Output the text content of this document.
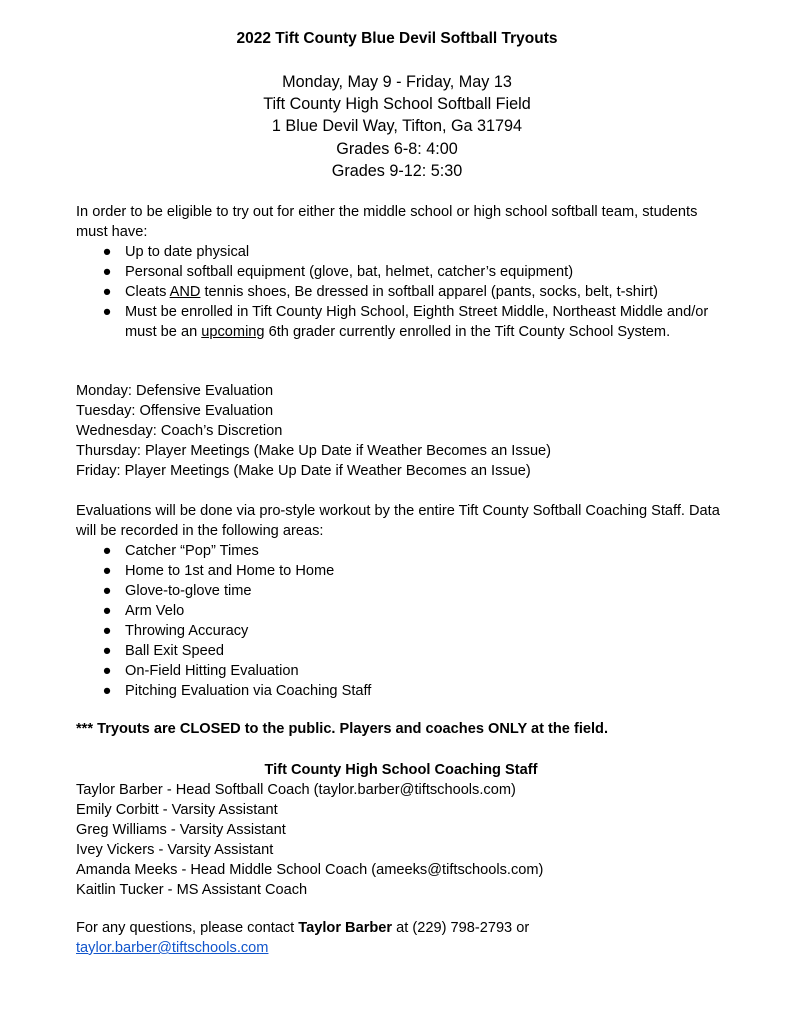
2022 Tift County Blue Devil Softball Tryouts
Monday, May 9 - Friday, May 13
Tift County High School Softball Field
1 Blue Devil Way, Tifton, Ga 31794
Grades 6-8: 4:00
Grades 9-12: 5:30

In order to be eligible to try out for either the middle school or high school softball team, students must have:

● Up to date physical
● Personal softball equipment (glove, bat, helmet, catcher’s equipment)
● Cleats AND tennis shoes, Be dressed in softball apparel (pants, socks, belt, t-shirt)
● Must be enrolled in Tift County High School, Eighth Street Middle, Northeast Middle and/or must be an upcoming 6th grader currently enrolled in the Tift County School System.
Monday: Defensive Evaluation
Tuesday: Offensive Evaluation
Wednesday: Coach’s Discretion
Thursday: Player Meetings (Make Up Date if Weather Becomes an Issue)
Friday: Player Meetings (Make Up Date if Weather Becomes an Issue)

Evaluations will be done via pro-style workout by the entire Tift County Softball Coaching Staff. Data will be recorded in the following areas:

● Catcher “Pop” Times
● Home to 1st and Home to Home
● Glove-to-glove time
● Arm Velo
● Throwing Accuracy
● Ball Exit Speed
● On-Field Hitting Evaluation
● Pitching Evaluation via Coaching Staff
*** Tryouts are CLOSED to the public. Players and coaches ONLY at the field.
Tift County High School Coaching Staff
Taylor Barber - Head Softball Coach (taylor.barber@tiftschools.com)
Emily Corbitt - Varsity Assistant
Greg Williams - Varsity Assistant
Ivey Vickers - Varsity Assistant
Amanda Meeks - Head Middle School Coach (ameeks@tiftschools.com)
Kaitlin Tucker - MS Assistant Coach
For any questions, please contact Taylor Barber at (229) 798-2793 or
taylor.barber@tiftschools.com
